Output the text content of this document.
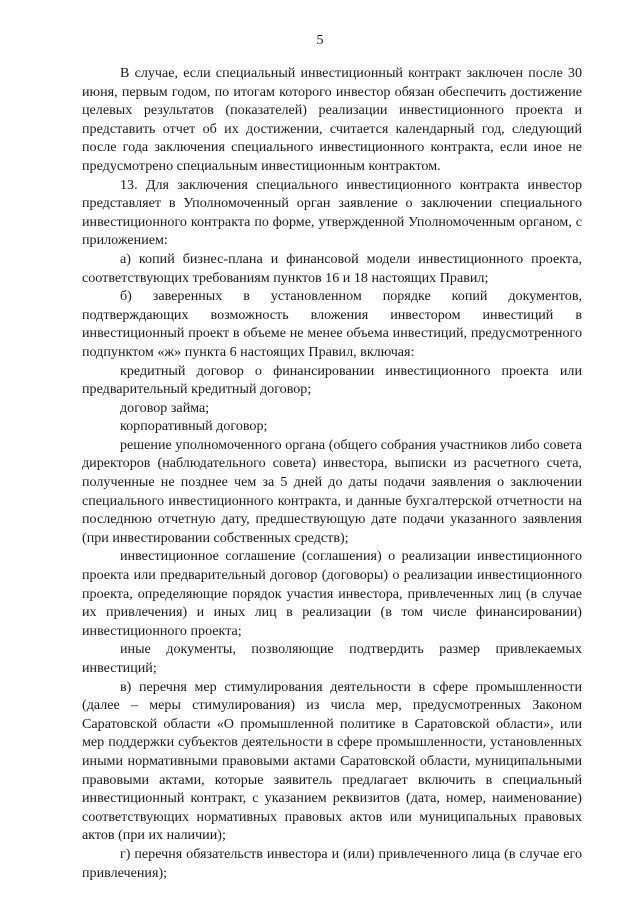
5

В случае, если специальный инвестиционный контракт заключен после 30 июня, первым годом, по итогам которого инвестор обязан обеспечить достижение целевых результатов (показателей) реализации инвестиционного проекта и представить отчет об их достижении, считается календарный год, следующий после года заключения специального инвестиционного контракта, если иное не предусмотрено специальным инвестиционным контрактом.

13. Для заключения специального инвестиционного контракта инвестор представляет в Уполномоченный орган заявление о заключении специального инвестиционного контракта по форме, утвержденной Уполномоченным органом, с приложением:

а) копий бизнес-плана и финансовой модели инвестиционного проекта, соответствующих требованиям пунктов 16 и 18 настоящих Правил;

б) заверенных в установленном порядке копий документов, подтверждающих возможность вложения инвестором инвестиций в инвестиционный проект в объеме не менее объема инвестиций, предусмотренного подпунктом «ж» пункта 6 настоящих Правил, включая:

кредитный договор о финансировании инвестиционного проекта или предварительный кредитный договор;

договор займа;

корпоративный договор;

решение уполномоченного органа (общего собрания участников либо совета директоров (наблюдательного совета) инвестора, выписки из расчетного счета, полученные не позднее чем за 5 дней до даты подачи заявления о заключении специального инвестиционного контракта, и данные бухгалтерской отчетности на последнюю отчетную дату, предшествующую дате подачи указанного заявления (при инвестировании собственных средств);

инвестиционное соглашение (соглашения) о реализации инвестиционного проекта или предварительный договор (договоры) о реализации инвестиционного проекта, определяющие порядок участия инвестора, привлеченных лиц (в случае их привлечения) и иных лиц в реализации (в том числе финансировании) инвестиционного проекта;

иные документы, позволяющие подтвердить размер привлекаемых инвестиций;

в) перечня мер стимулирования деятельности в сфере промышленности (далее – меры стимулирования) из числа мер, предусмотренных Законом Саратовской области «О промышленной политике в Саратовской области», или мер поддержки субъектов деятельности в сфере промышленности, установленных иными нормативными правовыми актами Саратовской области, муниципальными правовыми актами, которые заявитель предлагает включить в специальный инвестиционный контракт, с указанием реквизитов (дата, номер, наименование) соответствующих нормативных правовых актов или муниципальных правовых актов (при их наличии);

г) перечня обязательств инвестора и (или) привлеченного лица (в случае его привлечения);
